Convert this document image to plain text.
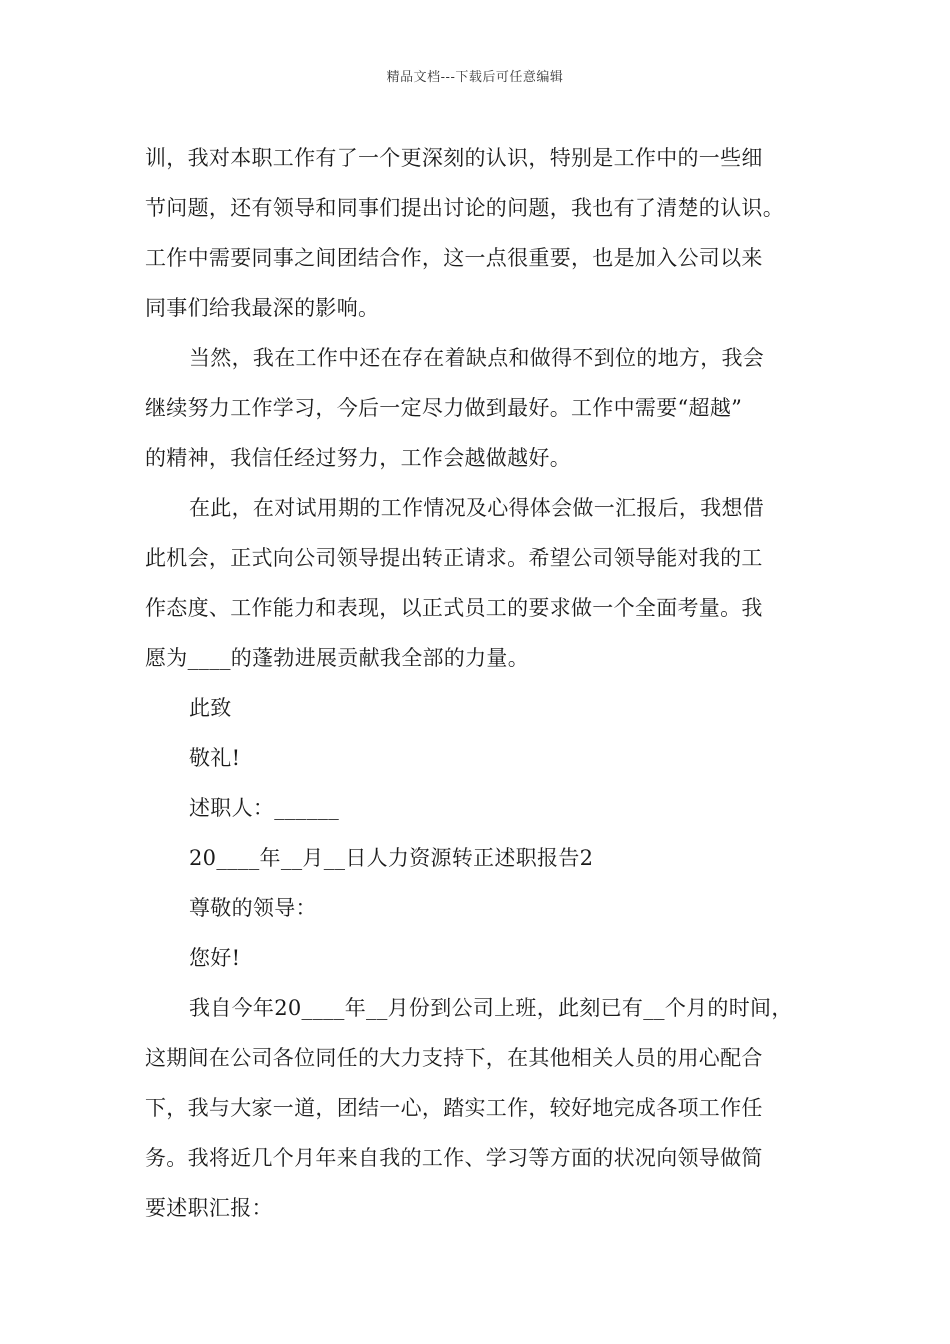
精品文档---下载后可任意编辑
训，我对本职工作有了一个更深刻的认识，特别是工作中的一些细
节问题，还有领导和同事们提出讨论的问题，我也有了清楚的认识。
工作中需要同事之间团结合作，这一点很重要，也是加入公司以来
同事们给我最深的影响。
当然，我在工作中还在存在着缺点和做得不到位的地方，我会
继续努力工作学习，今后一定尽力做到最好。工作中需要“超越”
的精神，我信任经过努力，工作会越做越好。
在此，在对试用期的工作情况及心得体会做一汇报后，我想借
此机会，正式向公司领导提出转正请求。希望公司领导能对我的工
作态度、工作能力和表现，以正式员工的要求做一个全面考量。我
愿为____的蓬勃进展贡献我全部的力量。
此致
敬礼!
述职人：______
20____年__月__日人力资源转正述职报告2
尊敬的领导：
您好!
我自今年20____年__月份到公司上班，此刻已有__个月的时间，
这期间在公司各位同任的大力支持下，在其他相关人员的用心配合
下，我与大家一道，团结一心，踏实工作，较好地完成各项工作任
务。我将近几个月年来自我的工作、学习等方面的状况向领导做简
要述职汇报：
